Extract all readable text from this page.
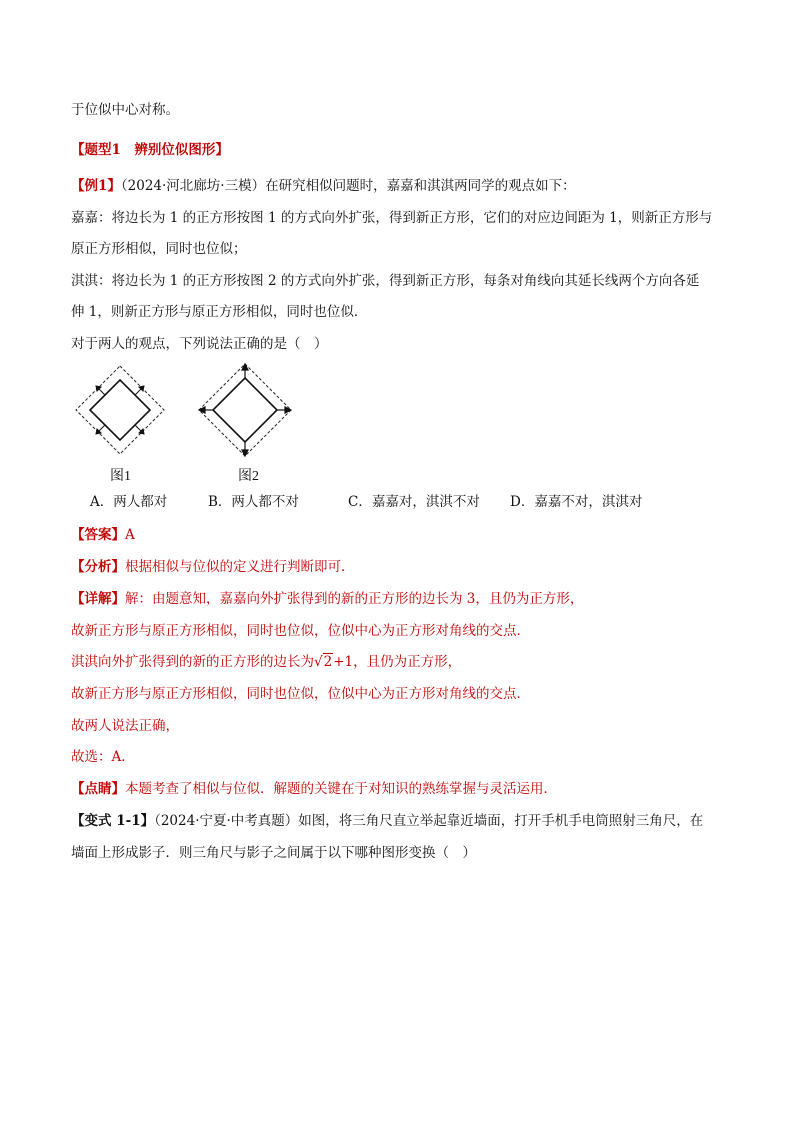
于位似中心对称。
【题型1　辨别位似图形】
【例1】（2024·河北廊坊·三模）在研究相似问题时，嘉嘉和淇淇两同学的观点如下：
嘉嘉：将边长为 1 的正方形按图 1 的方式向外扩张，得到新正方形，它们的对应边间距为 1，则新正方形与
原正方形相似，同时也位似；
淇淇：将边长为 1 的正方形按图 2 的方式向外扩张，得到新正方形，每条对角线向其延长线两个方向各延
伸 1，则新正方形与原正方形相似，同时也位似．
对于两人的观点，下列说法正确的是（　）
图1	图2
A．两人都对	B．两人都不对	C．嘉嘉对，淇淇不对 D．嘉嘉不对，淇淇对
【答案】A
【分析】根据相似与位似的定义进行判断即可．
【详解】解：由题意知，嘉嘉向外扩张得到的新的正方形的边长为 3，且仍为正方形，
故新正方形与原正方形相似，同时也位似，位似中心为正方形对角线的交点．
淇淇向外扩张得到的新的正方形的边长为√2+1，且仍为正方形，
故新正方形与原正方形相似，同时也位似，位似中心为正方形对角线的交点．
故两人说法正确，
故选：A．
【点睛】本题考查了相似与位似．解题的关键在于对知识的熟练掌握与灵活运用．
【变式 1-1】（2024·宁夏·中考真题）如图，将三角尺直立举起靠近墙面，打开手机手电筒照射三角尺，在
墙面上形成影子．则三角尺与影子之间属于以下哪种图形变换（　）
